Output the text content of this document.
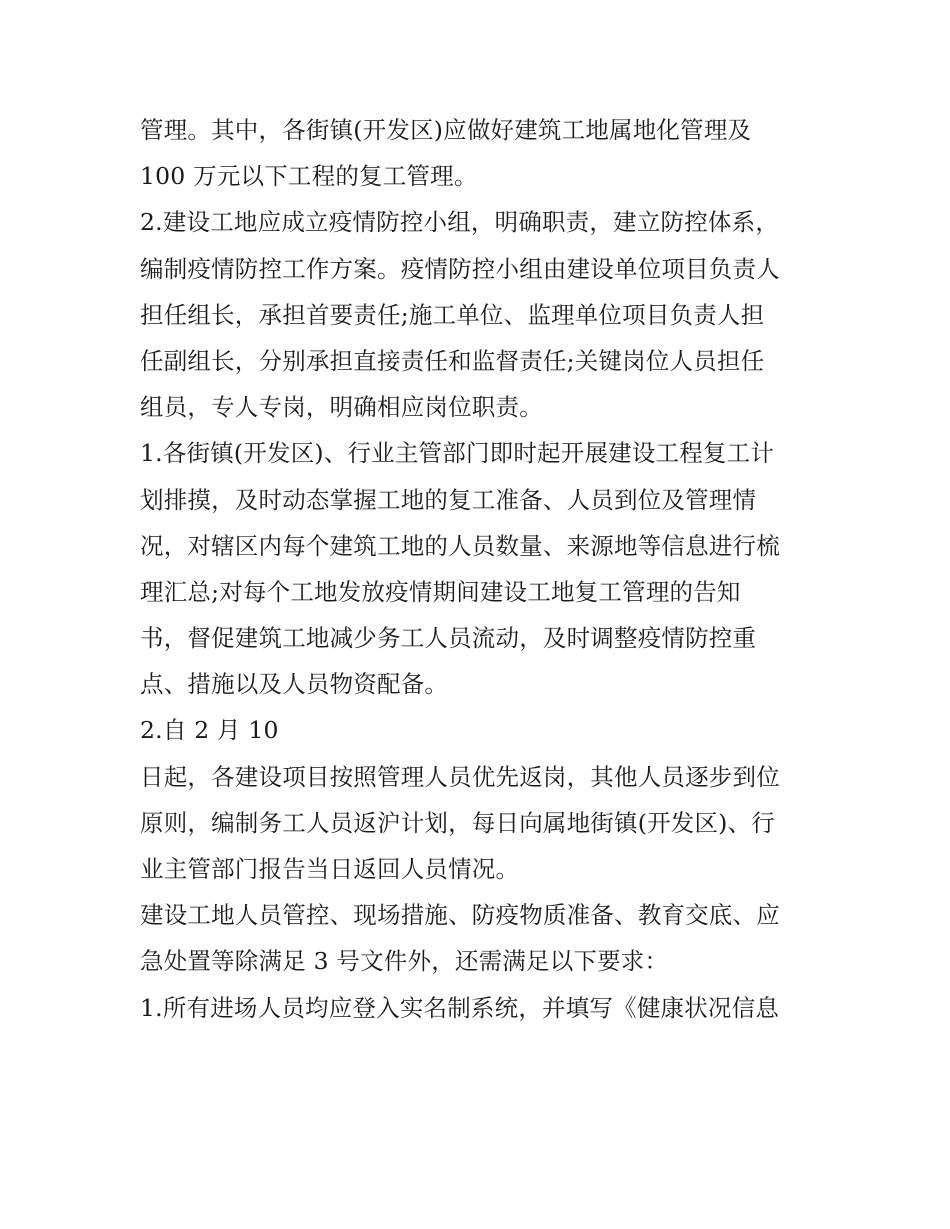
管理。其中，各街镇(开发区)应做好建筑工地属地化管理及
100 万元以下工程的复工管理。
2.建设工地应成立疫情防控小组，明确职责，建立防控体系，
编制疫情防控工作方案。疫情防控小组由建设单位项目负责人
担任组长，承担首要责任;施工单位、监理单位项目负责人担
任副组长，分别承担直接责任和监督责任;关键岗位人员担任
组员，专人专岗，明确相应岗位职责。
1.各街镇(开发区)、行业主管部门即时起开展建设工程复工计
划排摸，及时动态掌握工地的复工准备、人员到位及管理情
况，对辖区内每个建筑工地的人员数量、来源地等信息进行梳
理汇总;对每个工地发放疫情期间建设工地复工管理的告知
书，督促建筑工地减少务工人员流动，及时调整疫情防控重
点、措施以及人员物资配备。
2.自 2 月 10
日起，各建设项目按照管理人员优先返岗，其他人员逐步到位
原则，编制务工人员返沪计划，每日向属地街镇(开发区)、行
业主管部门报告当日返回人员情况。
建设工地人员管控、现场措施、防疫物质准备、教育交底、应
急处置等除满足 3 号文件外，还需满足以下要求：
1.所有进场人员均应登入实名制系统，并填写《健康状况信息
